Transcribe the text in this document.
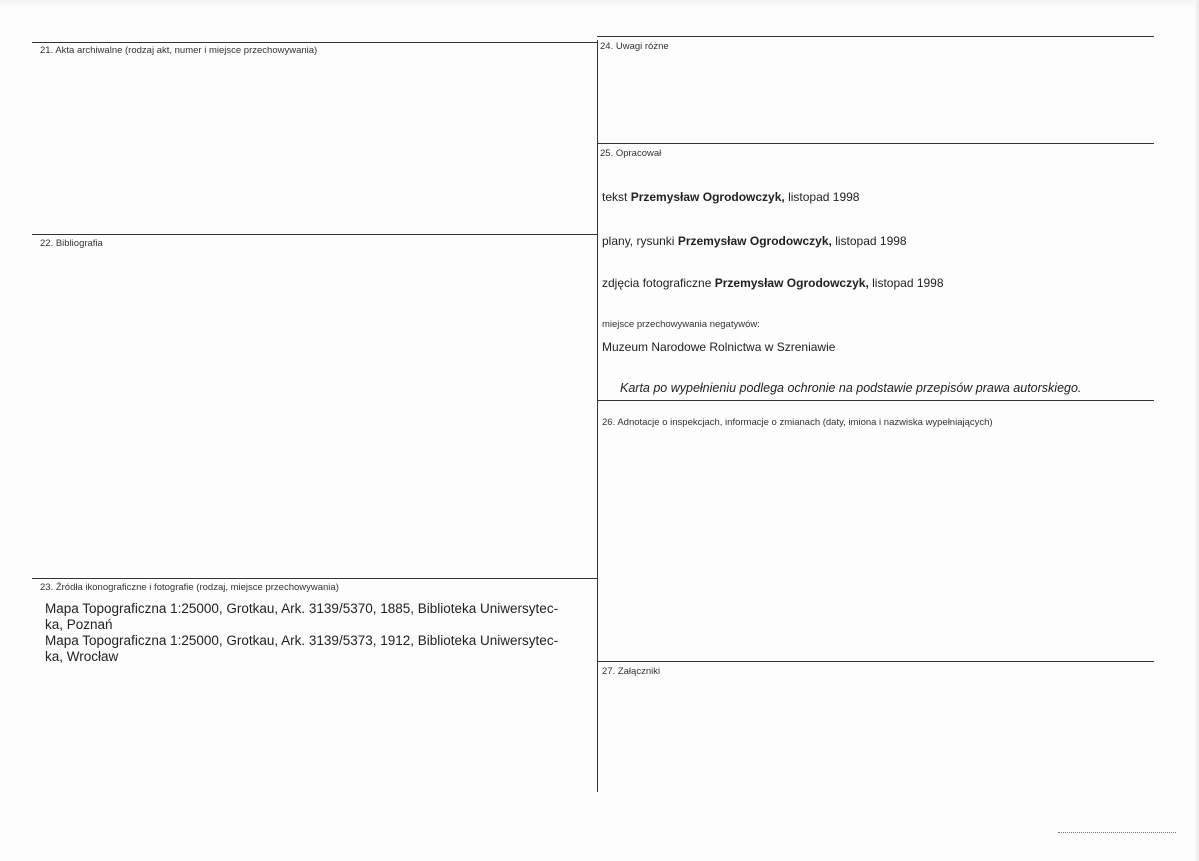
21. Akta archiwalne (rodzaj akt, numer i miejsce przechowywania)
22. Bibliografia
23. Źródła ikonograficzne i fotografie (rodzaj, miejsce przechowywania)
Mapa Topograficzna 1:25000, Grotkau, Ark. 3139/5370, 1885, Biblioteka Uniwersytec-
ka, Poznań
Mapa Topograficzna 1:25000, Grotkau, Ark. 3139/5373, 1912, Biblioteka Uniwersytec-
ka, Wrocław
24. Uwagi różne
25. Opracował
tekst Przemysław Ogrodowczyk, listopad 1998
plany, rysunki Przemysław Ogrodowczyk, listopad 1998
zdjęcia fotograficzne Przemysław Ogrodowczyk, listopad 1998
miejsce przechowywania negatywów:
Muzeum Narodowe Rolnictwa w Szreniawie
Karta po wypełnieniu podlega ochronie na podstawie przepisów prawa autorskiego.
26. Adnotacje o inspekcjach, informacje o zmianach (daty, imiona i nazwiska wypełniających)
27. Załączniki
